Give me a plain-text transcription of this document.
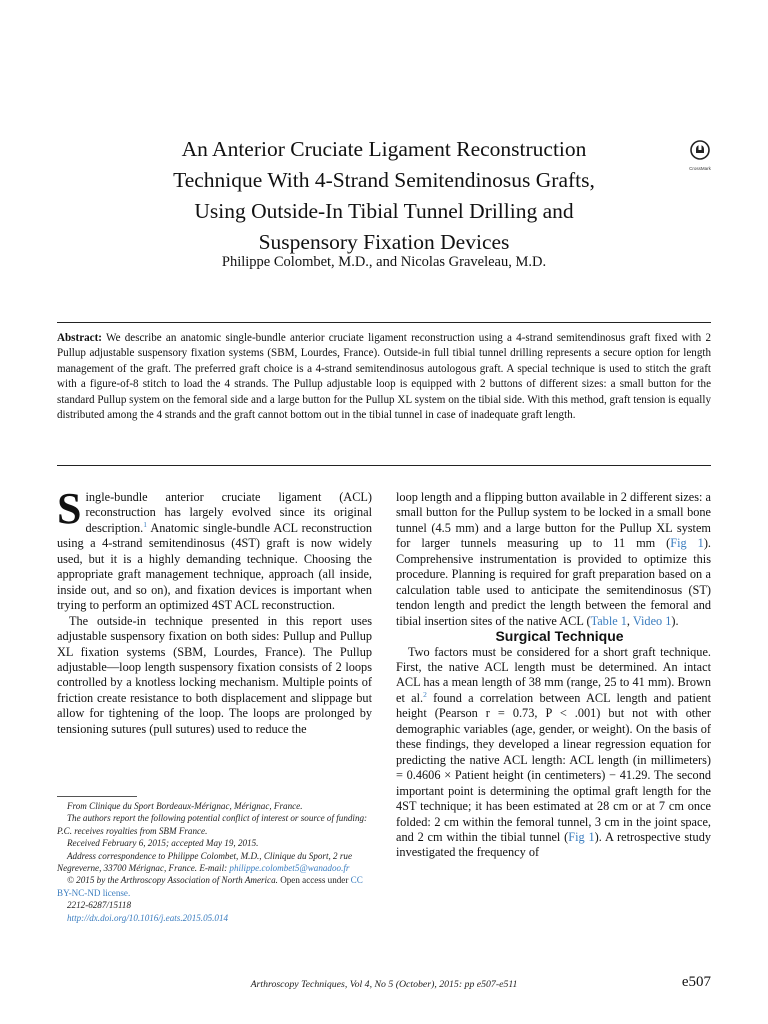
An Anterior Cruciate Ligament Reconstruction
Technique With 4-Strand Semitendinosus Grafts,
Using Outside-In Tibial Tunnel Drilling and
Suspensory Fixation Devices
CrossMark
Philippe Colombet, M.D., and Nicolas Graveleau, M.D.
Abstract: We describe an anatomic single-bundle anterior cruciate ligament reconstruction using a 4-strand semitendinosus graft fixed with 2 Pullup adjustable suspensory fixation systems (SBM, Lourdes, France). Outside-in full tibial tunnel drilling represents a secure option for length management of the graft. The preferred graft choice is a 4-strand semitendinosus autologous graft. A special technique is used to stitch the graft with a figure-of-8 stitch to load the 4 strands. The Pullup adjustable loop is equipped with 2 buttons of different sizes: a small button for the standard Pullup system on the femoral side and a large button for the Pullup XL system on the tibial side. With this method, graft tension is equally distributed among the 4 strands and the graft cannot bottom out in the tibial tunnel in case of inadequate graft length.

Single-bundle anterior cruciate ligament (ACL) reconstruction has largely evolved since its original description.$^1$ Anatomic single-bundle ACL reconstruction using a 4-strand semitendinosus (4ST) graft is now widely used, but it is a highly demanding technique. Choosing the appropriate graft management technique, approach (all inside, inside out, and so on), and fixation devices is important when trying to perform an optimized 4ST ACL reconstruction.

The outside-in technique presented in this report uses adjustable suspensory fixation on both sides: Pullup and Pullup XL fixation systems (SBM, Lourdes, France). The Pullup adjustable—loop length suspensory fixation consists of 2 loops controlled by a knotless locking mechanism. Multiple points of friction create resistance to both displacement and slippage but allow for tightening of the loop. The loops are prolonged by tensioning sutures (pull sutures) used to reduce the

From Clinique du Sport Bordeaux-Mérignac, Mérignac, France.
The authors report the following potential conflict of interest or source of funding: P.C. receives royalties from SBM France.
Received February 6, 2015; accepted May 19, 2015.
Address correspondence to Philippe Colombet, M.D., Clinique du Sport, 2 rue Negreverne, 33700 Mérignac, France. E-mail: philippe.colombet5@wanadoo.fr
© 2015 by the Arthroscopy Association of North America. Open access under CC BY-NC-ND license.
2212-6287/15118
http://dx.doi.org/10.1016/j.eats.2015.05.014

loop length and a flipping button available in 2 different sizes: a small button for the Pullup system to be locked in a small bone tunnel (4.5 mm) and a large button for the Pullup XL system for larger tunnels measuring up to 11 mm (Fig 1). Comprehensive instrumentation is provided to optimize this procedure. Planning is required for graft preparation based on a calculation table used to anticipate the semitendinosus (ST) tendon length and predict the length between the femoral and tibial insertion sites of the native ACL (Table 1, Video 1).

Surgical Technique

Two factors must be considered for a short graft technique. First, the native ACL length must be determined. An intact ACL has a mean length of 38 mm (range, 25 to 41 mm). Brown et al.$^2$ found a correlation between ACL length and patient height (Pearson r = 0.73, P < .001) but not with other demographic variables (age, gender, or weight). On the basis of these findings, they developed a linear regression equation for predicting the native ACL length: ACL length (in millimeters) = 0.4606 × Patient height (in centimeters) − 41.29. The second important point is determining the optimal graft length for the 4ST technique; it has been estimated at 28 cm or at 7 cm once folded: 2 cm within the femoral tunnel, 3 cm in the joint space, and 2 cm within the tibial tunnel (Fig 1). A retrospective study investigated the frequency of

Arthroscopy Techniques, Vol 4, No 5 (October), 2015: pp e507-e511	e507
